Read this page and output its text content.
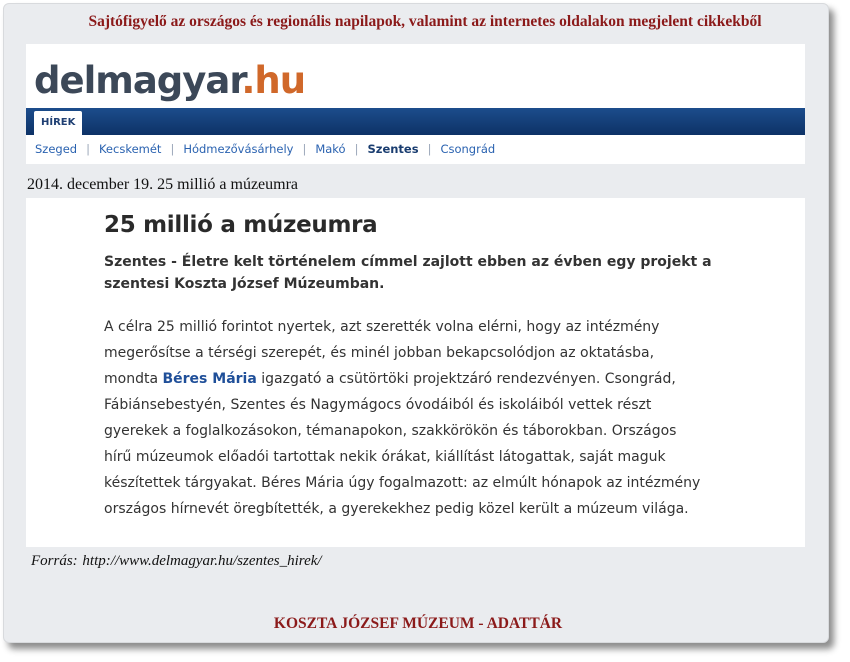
Sajtófigyelő az országos és regionális napilapok, valamint az internetes oldalakon megjelent cikkekből
delmagyar.hu
HÍREK
Szeged | Kecskemét | Hódmezővásárhely | Makó | Szentes | Csongrád
2014. december 19. 25 millió a múzeumra
25 millió a múzeumra
Szentes - Életre kelt történelem címmel zajlott ebben az évben egy projekt a szentesi Koszta József Múzeumban.
A célra 25 millió forintot nyertek, azt szerették volna elérni, hogy az intézmény megerősítse a térségi szerepét, és minél jobban bekapcsolódjon az oktatásba, mondta Béres Mária igazgató a csütörtöki projektzáró rendezvényen. Csongrád, Fábiánsebestyén, Szentes és Nagymágocs óvodáiból és iskoláiból vettek részt gyerekek a foglalkozásokon, témanapokon, szakkörökön és táborokban. Országos hírű múzeumok előadói tartottak nekik órákat, kiállítást látogattak, saját maguk készítettek tárgyakat. Béres Mária úgy fogalmazott: az elmúlt hónapok az intézmény országos hírnevét öregbítették, a gyerekekhez pedig közel került a múzeum világa.
Forrás: http://www.delmagyar.hu/szentes_hirek/
KOSZTA JÓZSEF MÚZEUM - ADATTÁR
